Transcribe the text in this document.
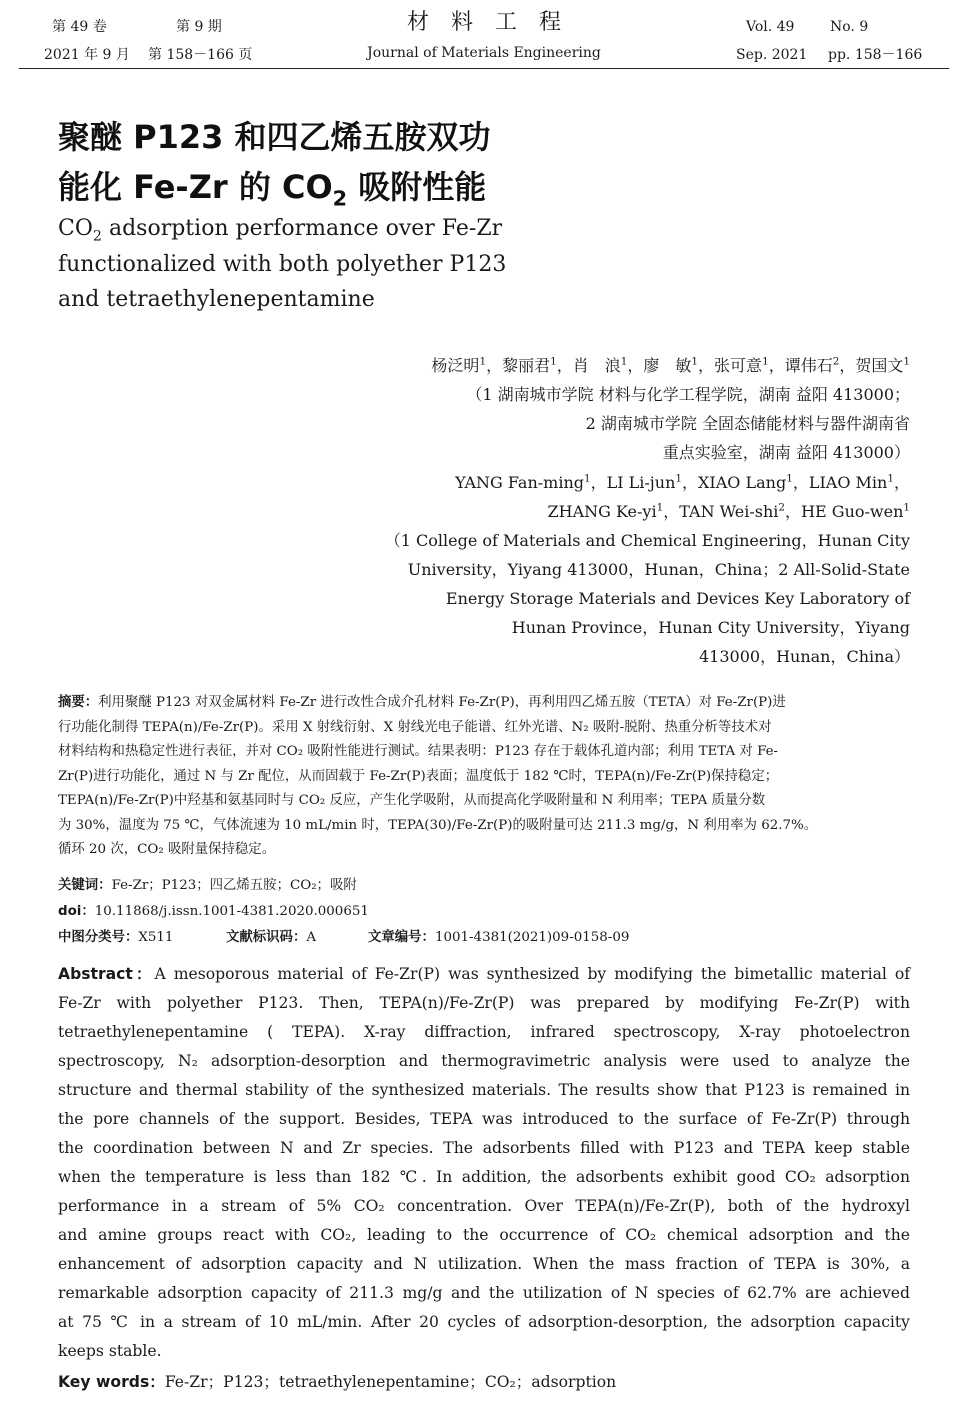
第 49 卷	第 9 期
2021 年 9 月 第 158－166 页
材料工程
Journal of Materials Engineering
Vol. 49	No. 9
Sep. 2021 pp. 158－166
聚醚 P123 和四乙烯五胺双功
能化 Fe-Zr 的 $CO_2$ 吸附性能
$CO_2$ adsorption performance over Fe-Zr
functionalized with both polyether P123
and tetraethylenepentamine
杨泛明$^1$，黎丽君$^1$，肖　浪$^1$，廖　敏$^1$，张可意$^1$，谭伟石$^2$，贺国文$^1$
（1 湖南城市学院 材料与化学工程学院，湖南 益阳 413000；
2 湖南城市学院 全固态储能材料与器件湖南省
重点实验室，湖南 益阳 413000）
YANG Fan-ming$^1$，LI Li-jun$^1$，XIAO Lang$^1$，LIAO Min$^1$，
ZHANG $Ke-yi^1$，TAN Wei-shi$^2$，HE Guo-wen$^1$
（1 College of Materials and Chemical Engineering，Hunan City
University，Yiyang 413000，Hunan，China；2 All-Solid-State
Energy Storage Materials and Devices Key Laboratory of
Hunan Province，Hunan City University，Yiyang
413000，Hunan，China）
摘要：利用聚醚 P123 对双金属材料 Fe-Zr 进行改性合成介孔材料 Fe-Zr(P)，再利用四乙烯五胺（TETA）对 Fe-Zr(P)进
行功能化制得 TEPA(n)/Fe-Zr(P)。采用 X 射线衍射、X 射线光电子能谱、红外光谱、N₂ 吸附-脱附、热重分析等技术对
材料结构和热稳定性进行表征，并对 CO₂ 吸附性能进行测试。结果表明：P123 存在于载体孔道内部；利用 TETA 对 Fe-
Zr(P)进行功能化，通过 N 与 Zr 配位，从而固载于 Fe-Zr(P)表面；温度低于 182 ℃时，TEPA(n)/Fe-Zr(P)保持稳定；
TEPA(n)/Fe-Zr(P)中羟基和氨基同时与 CO₂ 反应，产生化学吸附，从而提高化学吸附量和 N 利用率；TEPA 质量分数
为 30%，温度为 75 ℃，气体流速为 10 mL/min 时，TEPA(30)/Fe-Zr(P)的吸附量可达 211.3 mg/g，N 利用率为 62.7%。
循环 20 次，CO₂ 吸附量保持稳定。
关键词：Fe-Zr；P123；四乙烯五胺；CO₂；吸附
doi：10.11868/j.issn.1001-4381.2020.000651
中图分类号：X511	文献标识码：A	文章编号：1001-4381(2021)09-0158-09
Abstract：A mesoporous material of Fe-Zr(P) was synthesized by modifying the bimetallic material of
Fe-Zr with polyether P123. Then, TEPA(n)/Fe-Zr(P) was prepared by modifying Fe-Zr(P) with
tetraethylenepentamine ( TEPA). X-ray diffraction, infrared spectroscopy, X-ray photoelectron
spectroscopy, N₂ adsorption-desorption and thermogravimetric analysis were used to analyze the
structure and thermal stability of the synthesized materials. The results show that P123 is remained in
the pore channels of the support. Besides, TEPA was introduced to the surface of Fe-Zr(P) through
the coordination between N and Zr species. The adsorbents filled with P123 and TEPA keep stable
when the temperature is less than 182 ℃. In addition, the adsorbents exhibit good CO₂ adsorption
performance in a stream of 5% CO₂ concentration. Over TEPA(n)/Fe-Zr(P), both of the hydroxyl
and amine groups react with CO₂, leading to the occurrence of CO₂ chemical adsorption and the
enhancement of adsorption capacity and N utilization. When the mass fraction of TEPA is 30%, a
remarkable adsorption capacity of 211.3 mg/g and the utilization of N species of 62.7% are achieved
at 75 ℃ in a stream of 10 mL/min. After 20 cycles of adsorption-desorption, the adsorption capacity
keeps stable.
Key words：Fe-Zr；P123；tetraethylenepentamine；CO₂；adsorption
